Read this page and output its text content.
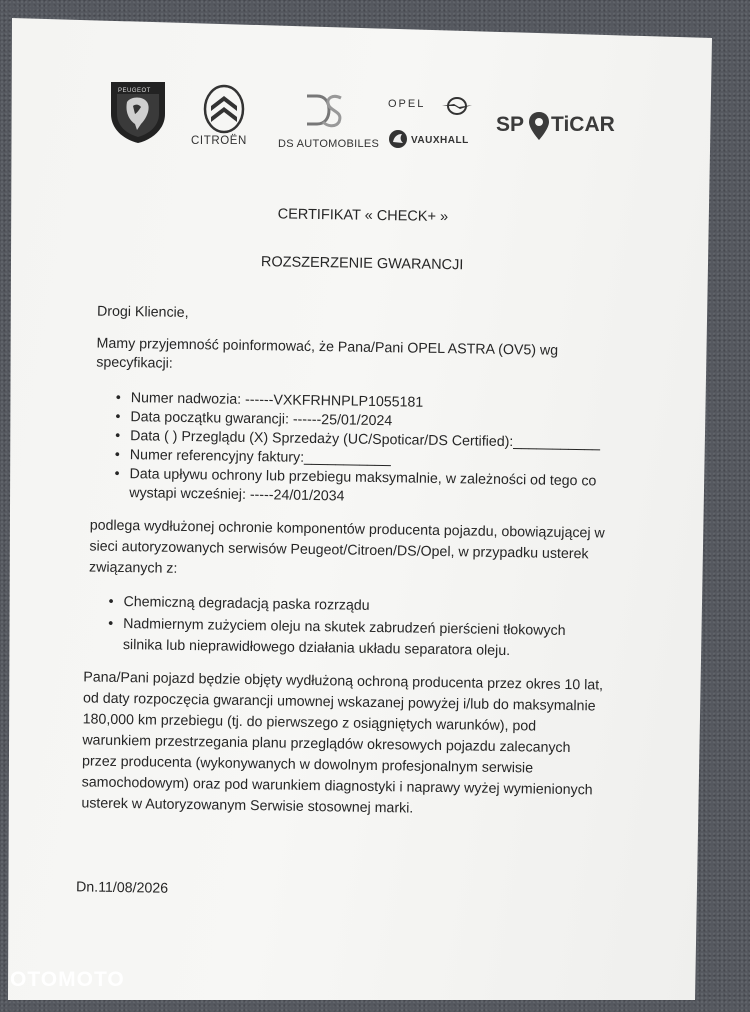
PEUGEOT
CITROËN	DS AUTOMOBILES
OPEL
VAUXHALL
SP TiCAR
CERTIFIKAT « CHECK+ »
ROZSZERZENIE GWARANCJI
Drogi Kliencie,
Mamy przyjemność poinformować, że Pana/Pani OPEL ASTRA (OV5) wg
specyfikacji:
• Numer nadwozia: ------VXKFRHNPLP1055181
• Data początku gwarancji: ------25/01/2024
• Data ( ) Przeglądu (X) Sprzedaży (UC/Spoticar/DS Certified):___________
• Numer referencyjny faktury:___________
• Data upływu ochrony lub przebiegu maksymalnie, w zależności od tego co
wystapi wcześniej: -----24/01/2034
podlega wydłużonej ochronie komponentów producenta pojazdu, obowiązującej w
sieci autoryzowanych serwisów Peugeot/Citroen/DS/Opel, w przypadku usterek
związanych z:
• Chemiczną degradacją paska rozrządu
• Nadmiernym zużyciem oleju na skutek zabrudzeń pierścieni tłokowych
silnika lub nieprawidłowego działania układu separatora oleju.
Pana/Pani pojazd będzie objęty wydłużoną ochroną producenta przez okres 10 lat,
od daty rozpoczęcia gwarancji umownej wskazanej powyżej i/lub do maksymalnie
180,000 km przebiegu (tj. do pierwszego z osiągniętych warunków), pod
warunkiem przestrzegania planu przeglądów okresowych pojazdu zalecanych
przez producenta (wykonywanych w dowolnym profesjonalnym serwisie
samochodowym) oraz pod warunkiem diagnostyki i naprawy wyżej wymienionych
usterek w Autoryzowanym Serwisie stosownej marki.
Dn.11/08/2026
OTOMOTO
